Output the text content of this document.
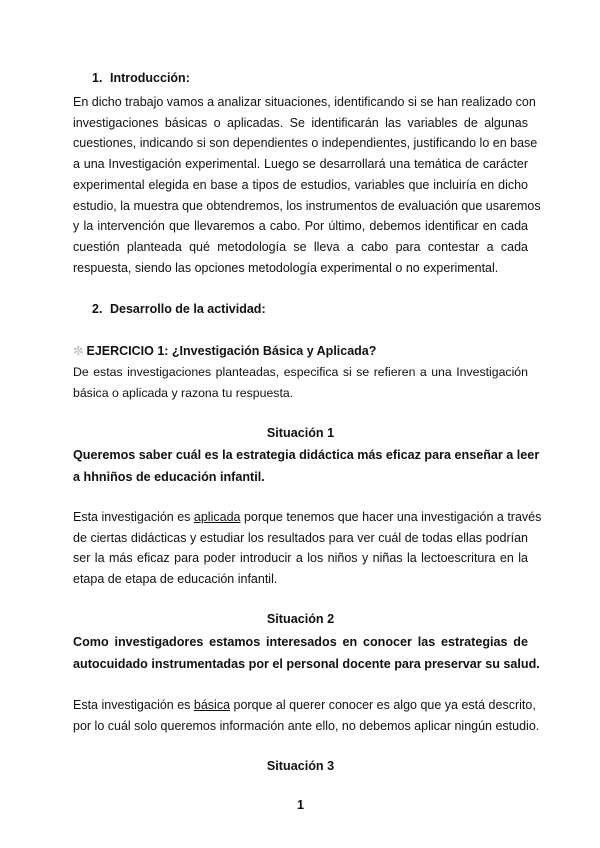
1. Introducción:
En dicho trabajo vamos a analizar situaciones, identificando si se han realizado con
investigaciones básicas o aplicadas. Se identificarán las variables de algunas
cuestiones, indicando si son dependientes o independientes, justificando lo en base
a una Investigación experimental. Luego se desarrollará una temática de carácter
experimental elegida en base a tipos de estudios, variables que incluiría en dicho
estudio, la muestra que obtendremos, los instrumentos de evaluación que usaremos
y la intervención que llevaremos a cabo. Por último, debemos identificar en cada
cuestión planteada qué metodología se lleva a cabo para contestar a cada
respuesta, siendo las opciones metodología experimental o no experimental.
2. Desarrollo de la actividad:
✼ EJERCICIO 1: ¿Investigación Básica y Aplicada?
De estas investigaciones planteadas, especifica si se refieren a una Investigación
básica o aplicada y razona tu respuesta.
Situación 1
Queremos saber cuál es la estrategia didáctica más eficaz para enseñar a leer
a hhniños de educación infantil.
Esta investigación es aplicada porque tenemos que hacer una investigación a través
de ciertas didácticas y estudiar los resultados para ver cuál de todas ellas podrían
ser la más eficaz para poder introducir a los niños y niñas la lectoescritura en la
etapa de etapa de educación infantil.
Situación 2
Como investigadores estamos interesados en conocer las estrategias de
autocuidado instrumentadas por el personal docente para preservar su salud.
Esta investigación es básica porque al querer conocer es algo que ya está descrito,
por lo cuál solo queremos información ante ello, no debemos aplicar ningún estudio.
Situación 3
1
